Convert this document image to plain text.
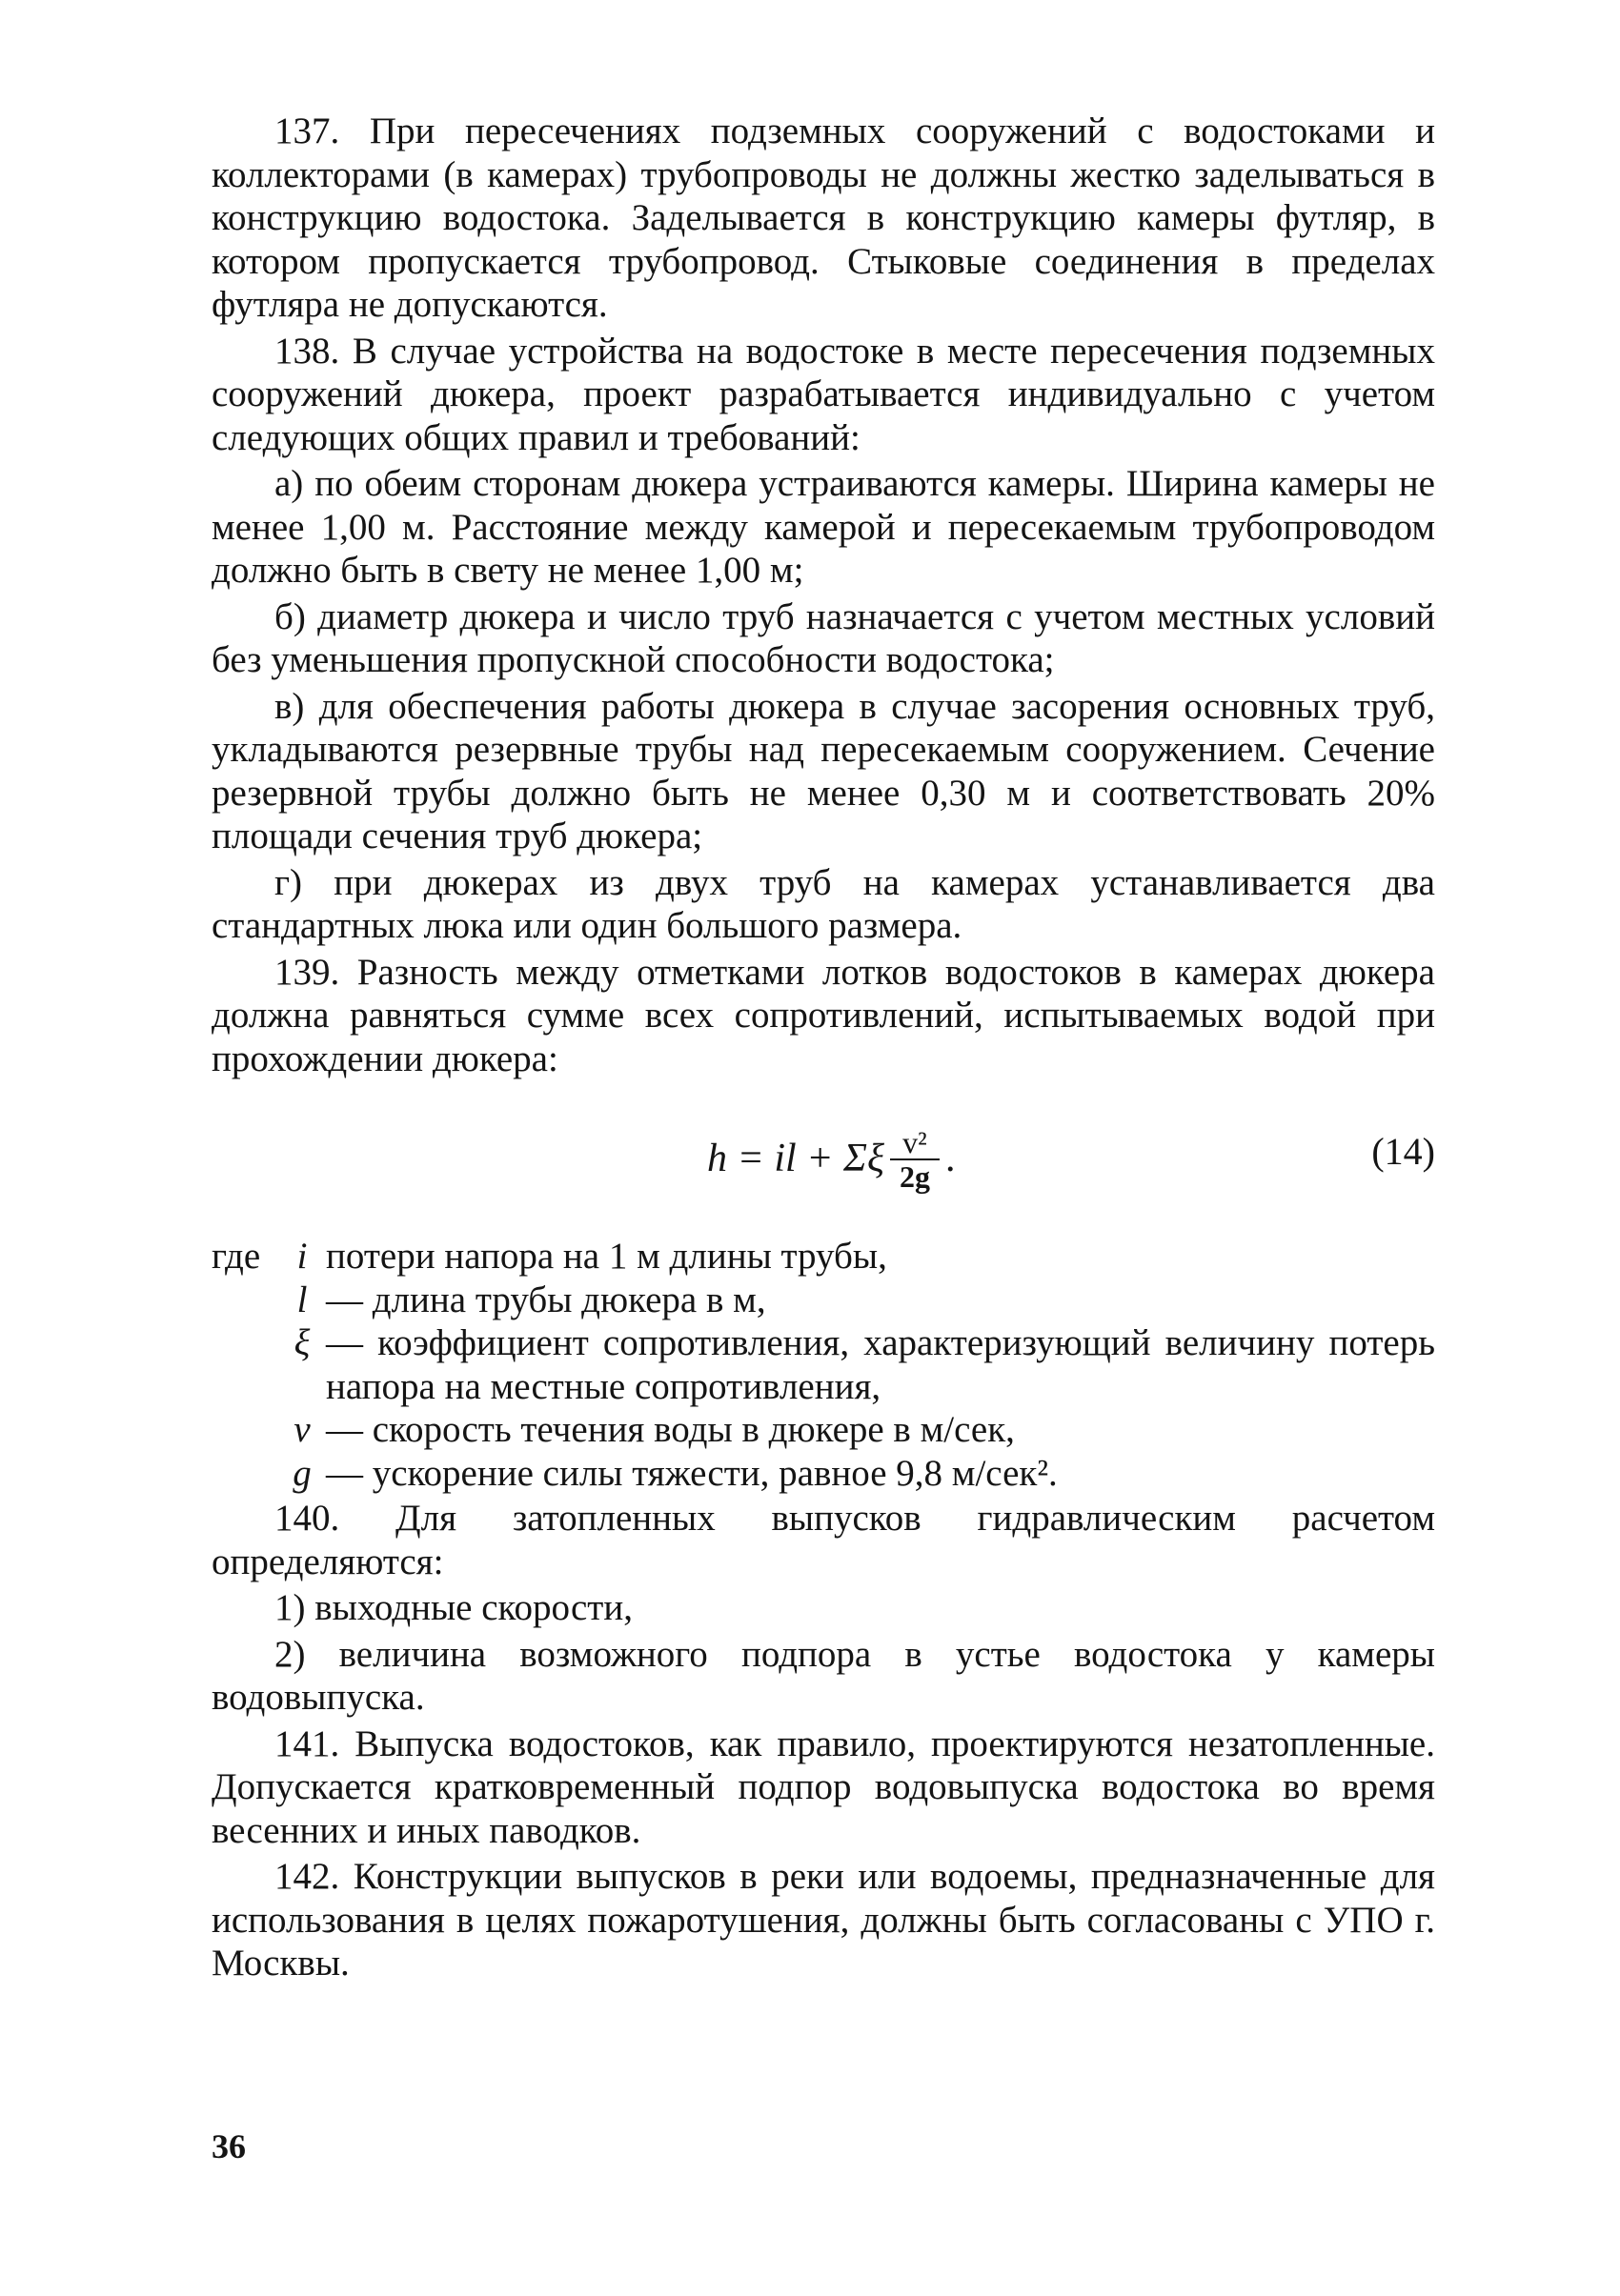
137. При пересечениях подземных сооружений с водостоками и коллекторами (в камерах) трубопроводы не должны жестко заделываться в конструкцию водостока. Заделывается в конструкцию камеры футляр, в котором пропускается трубопровод. Стыковые соединения в пределах футляра не допускаются.

138. В случае устройства на водостоке в месте пересечения подземных сооружений дюкера, проект разрабатывается индивидуально с учетом следующих общих правил и требований:

а) по обеим сторонам дюкера устраиваются камеры. Ширина камеры не менее 1,00 м. Расстояние между камерой и пересекаемым трубопроводом должно быть в свету не менее 1,00 м;

б) диаметр дюкера и число труб назначается с учетом местных условий без уменьшения пропускной способности водостока;

в) для обеспечения работы дюкера в случае засорения основных труб, укладываются резервные трубы над пересекаемым сооружением. Сечение резервной трубы должно быть не менее 0,30 м и соответствовать 20% площади сечения труб дюкера;

г) при дюкерах из двух труб на камерах устанавливается два стандартных люка или один большого размера.

139. Разность между отметками лотков водостоков в камерах дюкера должна равняться сумме всех сопротивлений, испытываемых водой при прохождении дюкера:

h = il + Σξ $\frac{\text{v²}}{2g}$ .	(14)
где i потери напора на 1 м длины трубы,
l — длина трубы дюкера в м,
ξ — коэффициент сопротивления, характеризующий величину потерь напора на местные сопротивления,
v — скорость течения воды в дюкере в м/сек,
g — ускорение силы тяжести, равное 9,8 м/сек².

140. Для затопленных выпусков гидравлическим расчетом определяются:

1) выходные скорости,

2) величина возможного подпора в устье водостока у камеры водовыпуска.

141. Выпуска водостоков, как правило, проектируются незатопленные. Допускается кратковременный подпор водовыпуска водостока во время весенних и иных паводков.

142. Конструкции выпусков в реки или водоемы, предназначенные для использования в целях пожаротушения, должны быть согласованы с УПО г. Москвы.

36
